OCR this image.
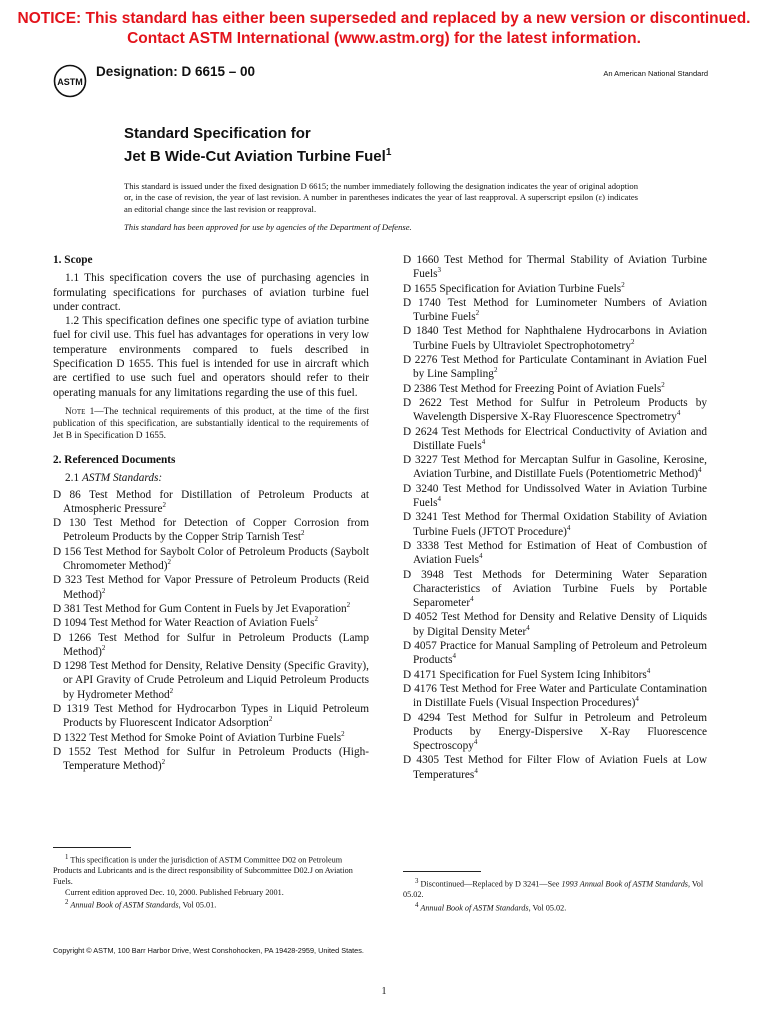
NOTICE: This standard has either been superseded and replaced by a new version or discontinued.
Contact ASTM International (www.astm.org) for the latest information.
ASTM
Designation: D 6615 – 00	An American National Standard
Standard Specification for
Jet B Wide-Cut Aviation Turbine Fuel$^1$

This standard is issued under the fixed designation D 6615; the number immediately following the designation indicates the year of original adoption or, in the case of revision, the year of last revision. A number in parentheses indicates the year of last reapproval. A superscript epsilon (ε) indicates an editorial change since the last revision or reapproval.

This standard has been approved for use by agencies of the Department of Defense.

1. Scope

1.1 This specification covers the use of purchasing agencies in formulating specifications for purchases of aviation turbine fuel under contract.

1.2 This specification defines one specific type of aviation turbine fuel for civil use. This fuel has advantages for operations in very low temperature environments compared to fuels described in Specification D 1655. This fuel is intended for use in aircraft which are certified to use such fuel and operators should refer to their operating manuals for any limitations regarding the use of this fuel.

Note 1—The technical requirements of this product, at the time of the first publication of this specification, are substantially identical to the requirements of Jet B in Specification D 1655.

2. Referenced Documents

2.1 ASTM Standards:

D 86 Test Method for Distillation of Petroleum Products at Atmospheric Pressure$^2$

D 130 Test Method for Detection of Copper Corrosion from Petroleum Products by the Copper Strip Tarnish Test$^2$

D 156 Test Method for Saybolt Color of Petroleum Products (Saybolt Chromometer Method)$^2$

D 323 Test Method for Vapor Pressure of Petroleum Products (Reid Method)$^2$

D 381 Test Method for Gum Content in Fuels by Jet Evaporation$^2$

D 1094 Test Method for Water Reaction of Aviation Fuels$^2$

D 1266 Test Method for Sulfur in Petroleum Products (Lamp Method)$^2$

D 1298 Test Method for Density, Relative Density (Specific Gravity), or API Gravity of Crude Petroleum and Liquid Petroleum Products by Hydrometer Method$^2$

D 1319 Test Method for Hydrocarbon Types in Liquid Petroleum Products by Fluorescent Indicator Adsorption$^2$

D 1322 Test Method for Smoke Point of Aviation Turbine Fuels$^2$

D 1552 Test Method for Sulfur in Petroleum Products (High-Temperature Method)$^2$

D 1660 Test Method for Thermal Stability of Aviation Turbine Fuels$^3$

D 1655 Specification for Aviation Turbine Fuels$^2$

D 1740 Test Method for Luminometer Numbers of Aviation Turbine Fuels$^2$

D 1840 Test Method for Naphthalene Hydrocarbons in Aviation Turbine Fuels by Ultraviolet Spectrophotometry$^2$

D 2276 Test Method for Particulate Contaminant in Aviation Fuel by Line Sampling$^2$

D 2386 Test Method for Freezing Point of Aviation Fuels$^2$

D 2622 Test Method for Sulfur in Petroleum Products by Wavelength Dispersive X-Ray Fluorescence Spectrometry$^4$

D 2624 Test Methods for Electrical Conductivity of Aviation and Distillate Fuels$^4$

D 3227 Test Method for Mercaptan Sulfur in Gasoline, Kerosine, Aviation Turbine, and Distillate Fuels (Potentiometric Method)$^4$

D 3240 Test Method for Undissolved Water in Aviation Turbine Fuels$^4$

D 3241 Test Method for Thermal Oxidation Stability of Aviation Turbine Fuels (JFTOT Procedure)$^4$

D 3338 Test Method for Estimation of Heat of Combustion of Aviation Fuels$^4$

D 3948 Test Methods for Determining Water Separation Characteristics of Aviation Turbine Fuels by Portable Separometer$^4$

D 4052 Test Method for Density and Relative Density of Liquids by Digital Density Meter$^4$

D 4057 Practice for Manual Sampling of Petroleum and Petroleum Products$^4$

D 4171 Specification for Fuel System Icing Inhibitors$^4$

D 4176 Test Method for Free Water and Particulate Contamination in Distillate Fuels (Visual Inspection Procedures)$^4$

D 4294 Test Method for Sulfur in Petroleum and Petroleum Products by Energy-Dispersive X-Ray Fluorescence Spectroscopy$^4$

D 4305 Test Method for Filter Flow of Aviation Fuels at Low Temperatures$^4$

$^1$ This specification is under the jurisdiction of ASTM Committee D02 on Petroleum Products and Lubricants and is the direct responsibility of Subcommittee D02.J on Aviation Fuels.

Current edition approved Dec. 10, 2000. Published February 2001.

$^2$ Annual Book of ASTM Standards, Vol 05.01.

$^3$ Discontinued—Replaced by D 3241—See 1993 Annual Book of ASTM Standards, Vol 05.02.

$^4$ Annual Book of ASTM Standards, Vol 05.02.

Copyright © ASTM, 100 Barr Harbor Drive, West Conshohocken, PA 19428-2959, United States.
1
